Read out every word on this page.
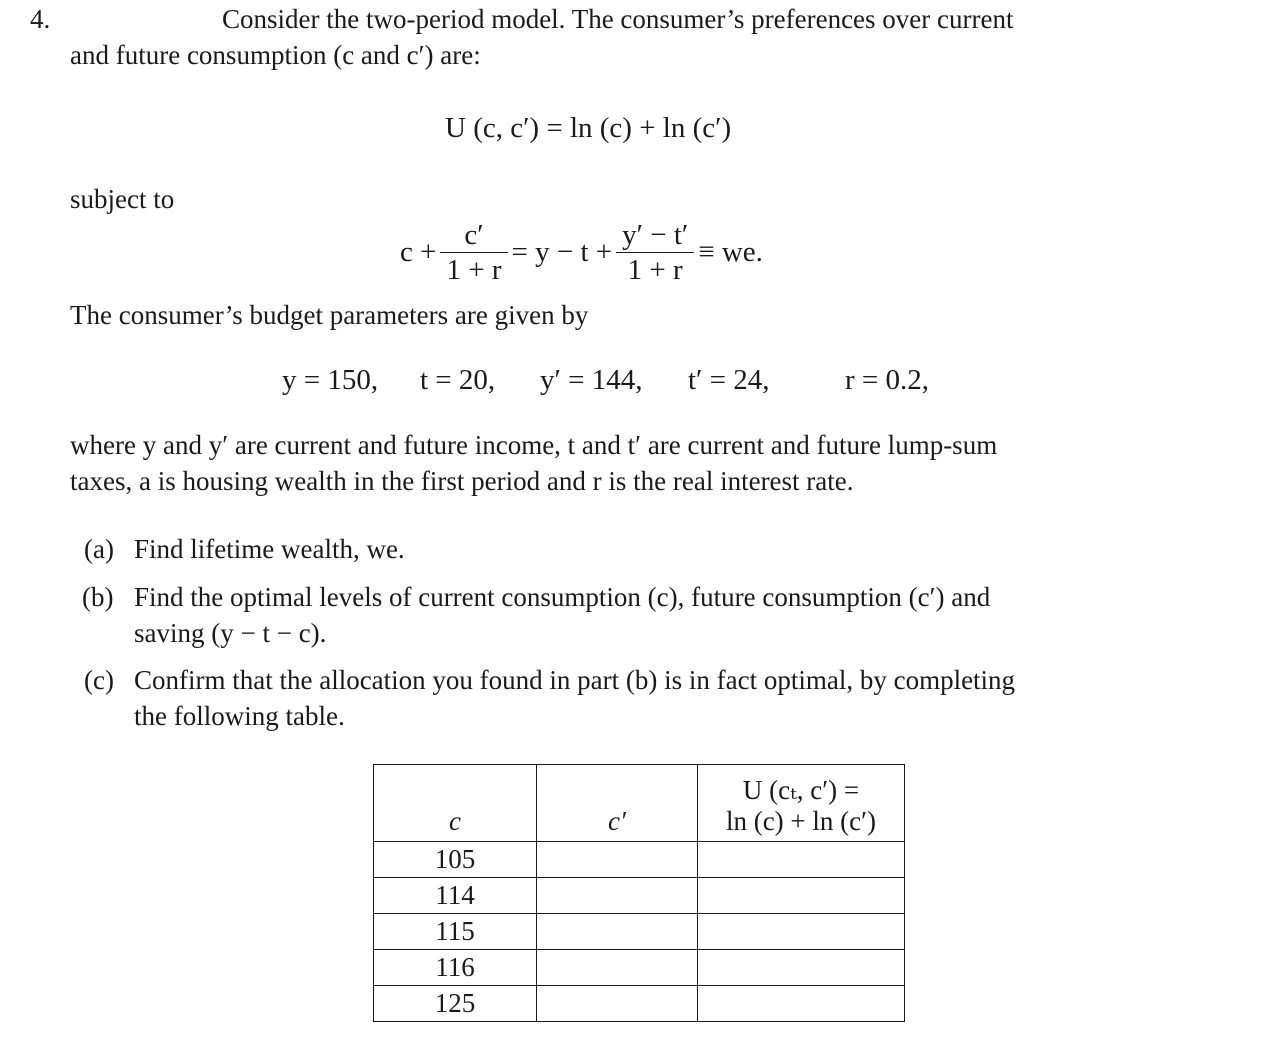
4.	Consider the two-period model. The consumer’s preferences over current
and future consumption (c and c′) are:
U (c, c′) = ln (c) + ln (c′)
subject to
$c + \frac{c'}{1 + r} = y - t + \frac{y' - t'}{1 + r}$ ≡ we.
The consumer’s budget parameters are given by
y = 150, t = 20, y′ = 144, t′ = 24,	r = 0.2,
where y and y′ are current and future income, t and t′ are current and future lump-sum
taxes, a is housing wealth in the first period and r is the real interest rate.
(a) Find lifetime wealth, we.
(b) Find the optimal levels of current consumption (c), future consumption (c′) and
saving (y − t − c).
(c) Confirm that the allocation you found in part (b) is in fact optimal, by completing
the following table.
c	c′	U (cₜ, c′) =
ln (c) + ln (c′)

105		
114		
115		
116		
125		
